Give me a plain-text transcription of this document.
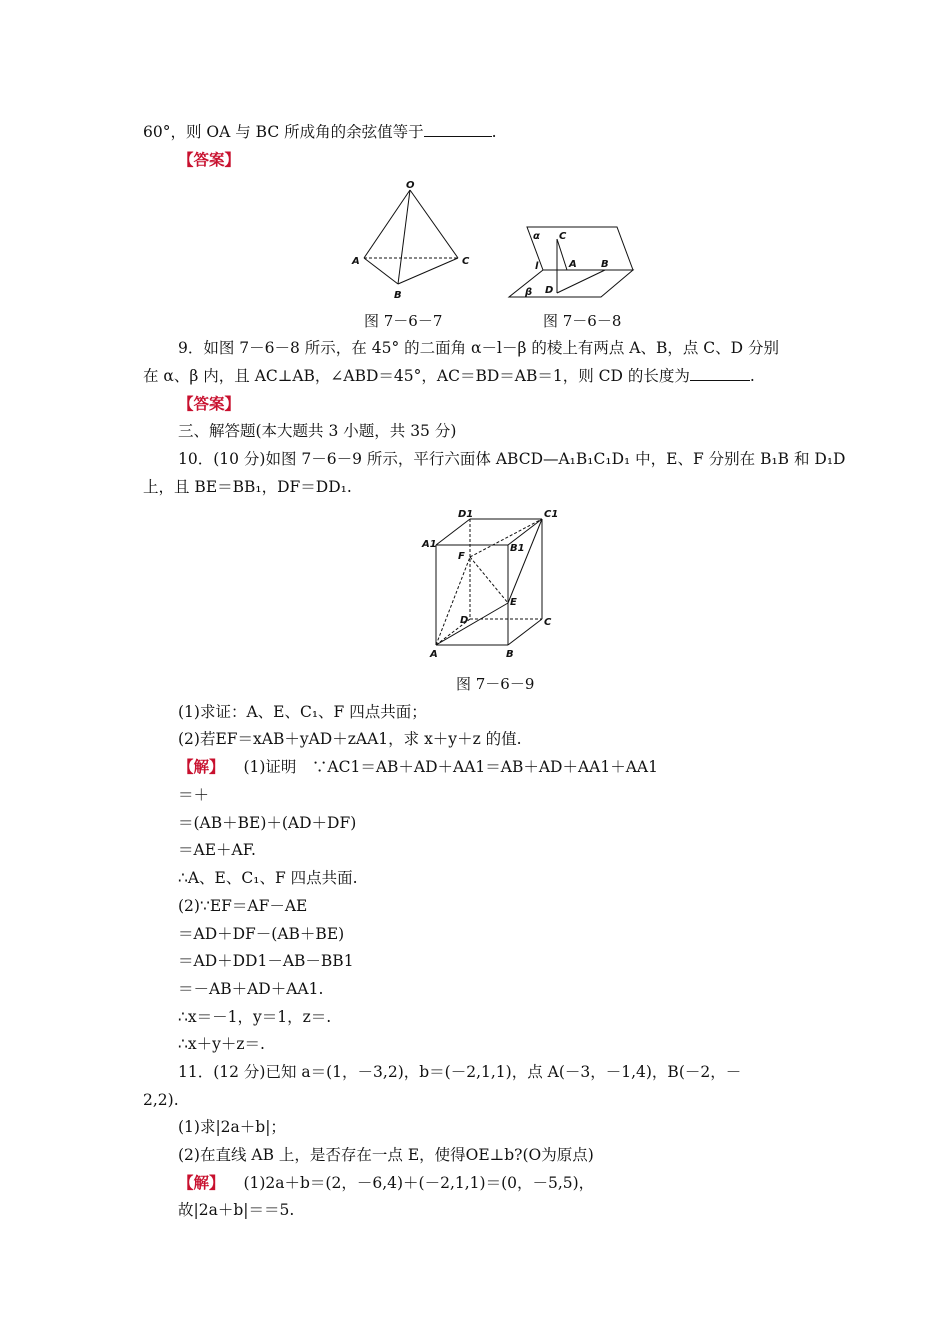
60°，则 OA 与 BC 所成角的余弦值等于	.
【答案】
O
A	C
B
图 7－6－7
α C
l	A B
β D
图 7－6－8
9．如图 7－6－8 所示，在 45° 的二面角 α－l－β 的棱上有两点 A、B，点 C、D 分别
在 α、β 内，且 AC⊥AB，∠ABD＝45°，AC＝BD＝AB＝1，则 CD 的长度为	.
【答案】
三、解答题(本大题共 3 小题，共 35 分)
10．(10 分)如图 7－6－9 所示，平行六面体 ABCD—A₁B₁C₁D₁ 中，E、F 分别在 B₁B 和 D₁D
上，且 BE＝BB₁，DF＝DD₁.
D1	C1
A1	B1
F
E
D	C
A	B
图 7－6－9
(1)求证：A、E、C₁、F 四点共面；
(2)若EF＝xAB＋yAD＋zAA1，求 x＋y＋z 的值.
【解】 (1)证明　∵AC1＝AB＋AD＋AA1＝AB＋AD＋AA1＋AA1
＝＋
＝(AB＋BE)＋(AD＋DF)
＝AE＋AF.
∴A、E、C₁、F 四点共面.
(2)∵EF＝AF－AE
＝AD＋DF－(AB＋BE)
＝AD＋DD1－AB－BB1
＝－AB＋AD＋AA1.
∴x＝－1，y＝1，z＝.
∴x＋y＋z＝.
11．(12 分)已知 a＝(1，－3,2)，b＝(－2,1,1)，点 A(－3，－1,4)，B(－2，－
2,2).
(1)求|2a＋b|；
(2)在直线 AB 上，是否存在一点 E，使得OE⊥b?(O为原点)
【解】 (1)2a＋b＝(2，－6,4)＋(－2,1,1)＝(0，－5,5)，
故|2a＋b|＝＝5.
